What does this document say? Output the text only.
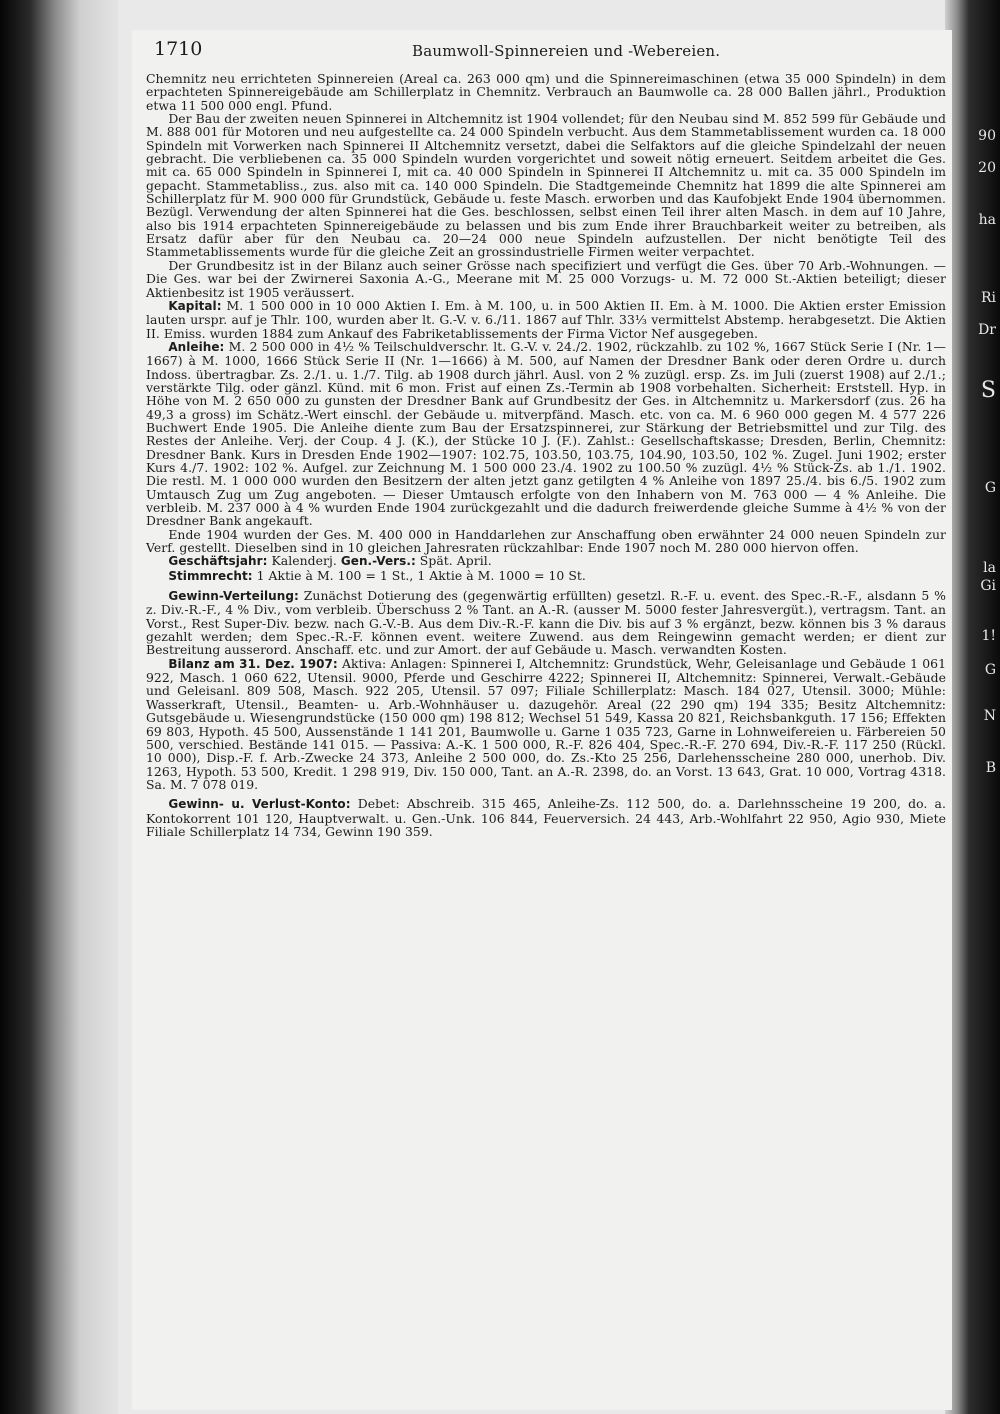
90
20
ha
Ri
Dr
S
G
la
Gi
1!
G
N
B
1710	Baumwoll-Spinnereien und -Webereien.

Chemnitz neu errichteten Spinnereien (Areal ca. 263 000 qm) und die Spinnereimaschinen (etwa 35 000 Spindeln) in dem erpachteten Spinnereigebäude am Schillerplatz in Chemnitz. Verbrauch an Baumwolle ca. 28 000 Ballen jährl., Produktion etwa 11 500 000 engl. Pfund.

Der Bau der zweiten neuen Spinnerei in Altchemnitz ist 1904 vollendet; für den Neubau sind M. 852 599 für Gebäude und M. 888 001 für Motoren und neu aufgestellte ca. 24 000 Spindeln verbucht. Aus dem Stammetablissement wurden ca. 18 000 Spindeln mit Vorwerken nach Spinnerei II Altchemnitz versetzt, dabei die Selfaktors auf die gleiche Spindelzahl der neuen gebracht. Die verbliebenen ca. 35 000 Spindeln wurden vorgerichtet und soweit nötig erneuert. Seitdem arbeitet die Ges. mit ca. 65 000 Spindeln in Spinnerei I, mit ca. 40 000 Spindeln in Spinnerei II Altchemnitz u. mit ca. 35 000 Spindeln im gepacht. Stammetabliss., zus. also mit ca. 140 000 Spindeln. Die Stadtgemeinde Chemnitz hat 1899 die alte Spinnerei am Schillerplatz für M. 900 000 für Grundstück, Gebäude u. feste Masch. erworben und das Kaufobjekt Ende 1904 übernommen. Bezügl. Verwendung der alten Spinnerei hat die Ges. beschlossen, selbst einen Teil ihrer alten Masch. in dem auf 10 Jahre, also bis 1914 erpachteten Spinnereigebäude zu belassen und bis zum Ende ihrer Brauchbarkeit weiter zu betreiben, als Ersatz dafür aber für den Neubau ca. 20—24 000 neue Spindeln aufzustellen. Der nicht benötigte Teil des Stammetablissements wurde für die gleiche Zeit an grossindustrielle Firmen weiter verpachtet.

Der Grundbesitz ist in der Bilanz auch seiner Grösse nach specifiziert und verfügt die Ges. über 70 Arb.-Wohnungen. — Die Ges. war bei der Zwirnerei Saxonia A.-G., Meerane mit M. 25 000 Vorzugs- u. M. 72 000 St.-Aktien beteiligt; dieser Aktienbesitz ist 1905 veräussert.

Kapital: M. 1 500 000 in 10 000 Aktien I. Em. à M. 100, u. in 500 Aktien II. Em. à M. 1000. Die Aktien erster Emission lauten urspr. auf je Thlr. 100, wurden aber lt. G.-V. v. 6./11. 1867 auf Thlr. 33⅓ vermittelst Abstemp. herabgesetzt. Die Aktien II. Emiss. wurden 1884 zum Ankauf des Fabriketablissements der Firma Victor Nef ausgegeben.

Anleihe: M. 2 500 000 in 4½ % Teilschuldverschr. lt. G.-V. v. 24./2. 1902, rückzahlb. zu 102 %, 1667 Stück Serie I (Nr. 1—1667) à M. 1000, 1666 Stück Serie II (Nr. 1—1666) à M. 500, auf Namen der Dresdner Bank oder deren Ordre u. durch Indoss. übertragbar. Zs. 2./1. u. 1./7. Tilg. ab 1908 durch jährl. Ausl. von 2 % zuzügl. ersp. Zs. im Juli (zuerst 1908) auf 2./1.; verstärkte Tilg. oder gänzl. Künd. mit 6 mon. Frist auf einen Zs.-Termin ab 1908 vorbehalten. Sicherheit: Erststell. Hyp. in Höhe von M. 2 650 000 zu gunsten der Dresdner Bank auf Grundbesitz der Ges. in Altchemnitz u. Markersdorf (zus. 26 ha 49,3 a gross) im Schätz.-Wert einschl. der Gebäude u. mitverpfänd. Masch. etc. von ca. M. 6 960 000 gegen M. 4 577 226 Buchwert Ende 1905. Die Anleihe diente zum Bau der Ersatzspinnerei, zur Stärkung der Betriebsmittel und zur Tilg. des Restes der Anleihe. Verj. der Coup. 4 J. (K.), der Stücke 10 J. (F.). Zahlst.: Gesellschaftskasse; Dresden, Berlin, Chemnitz: Dresdner Bank. Kurs in Dresden Ende 1902—1907: 102.75, 103.50, 103.75, 104.90, 103.50, 102 %. Zugel. Juni 1902; erster Kurs 4./7. 1902: 102 %. Aufgel. zur Zeichnung M. 1 500 000 23./4. 1902 zu 100.50 % zuzügl. 4½ % Stück-Zs. ab 1./1. 1902. Die restl. M. 1 000 000 wurden den Besitzern der alten jetzt ganz getilgten 4 % Anleihe von 1897 25./4. bis 6./5. 1902 zum Umtausch Zug um Zug angeboten. — Dieser Umtausch erfolgte von den Inhabern von M. 763 000 — 4 % Anleihe. Die verbleib. M. 237 000 à 4 % wurden Ende 1904 zurückgezahlt und die dadurch freiwerdende gleiche Summe à 4½ % von der Dresdner Bank angekauft.

Ende 1904 wurden der Ges. M. 400 000 in Handdarlehen zur Anschaffung oben erwähnter 24 000 neuen Spindeln zur Verf. gestellt. Dieselben sind in 10 gleichen Jahresraten rückzahlbar: Ende 1907 noch M. 280 000 hiervon offen.

Geschäftsjahr: Kalenderj. Gen.-Vers.: Spät. April.

Stimmrecht: 1 Aktie à M. 100 = 1 St., 1 Aktie à M. 1000 = 10 St.

Gewinn-Verteilung: Zunächst Dotierung des (gegenwärtig erfüllten) gesetzl. R.-F. u. event. des Spec.-R.-F., alsdann 5 % z. Div.-R.-F., 4 % Div., vom verbleib. Überschuss 2 % Tant. an A.-R. (ausser M. 5000 fester Jahresvergüt.), vertragsm. Tant. an Vorst., Rest Super-Div. bezw. nach G.-V.-B. Aus dem Div.-R.-F. kann die Div. bis auf 3 % ergänzt, bezw. können bis 3 % daraus gezahlt werden; dem Spec.-R.-F. können event. weitere Zuwend. aus dem Reingewinn gemacht werden; er dient zur Bestreitung ausserord. Anschaff. etc. und zur Amort. der auf Gebäude u. Masch. verwandten Kosten.

Bilanz am 31. Dez. 1907: Aktiva: Anlagen: Spinnerei I, Altchemnitz: Grundstück, Wehr, Geleisanlage und Gebäude 1 061 922, Masch. 1 060 622, Utensil. 9000, Pferde und Geschirre 4222; Spinnerei II, Altchemnitz: Spinnerei, Verwalt.-Gebäude und Geleisanl. 809 508, Masch. 922 205, Utensil. 57 097; Filiale Schillerplatz: Masch. 184 027, Utensil. 3000; Mühle: Wasserkraft, Utensil., Beamten- u. Arb.-Wohnhäuser u. dazugehör. Areal (22 290 qm) 194 335; Besitz Altchemnitz: Gutsgebäude u. Wiesengrundstücke (150 000 qm) 198 812; Wechsel 51 549, Kassa 20 821, Reichsbankguth. 17 156; Effekten 69 803, Hypoth. 45 500, Aussenstände 1 141 201, Baumwolle u. Garne 1 035 723, Garne in Lohnweifereien u. Färbereien 50 500, verschied. Bestände 141 015. — Passiva: A.-K. 1 500 000, R.-F. 826 404, Spec.-R.-F. 270 694, Div.-R.-F. 117 250 (Rückl. 10 000), Disp.-F. f. Arb.-Zwecke 24 373, Anleihe 2 500 000, do. Zs.-Kto 25 256, Darlehensscheine 280 000, unerhob. Div. 1263, Hypoth. 53 500, Kredit. 1 298 919, Div. 150 000, Tant. an A.-R. 2398, do. an Vorst. 13 643, Grat. 10 000, Vortrag 4318. Sa. M. 7 078 019.

Gewinn- u. Verlust-Konto: Debet: Abschreib. 315 465, Anleihe-Zs. 112 500, do. a. Darlehnsscheine 19 200, do. a. Kontokorrent 101 120, Hauptverwalt. u. Gen.-Unk. 106 844, Feuerversich. 24 443, Arb.-Wohlfahrt 22 950, Agio 930, Miete Filiale Schillerplatz 14 734, Gewinn 190 359.
